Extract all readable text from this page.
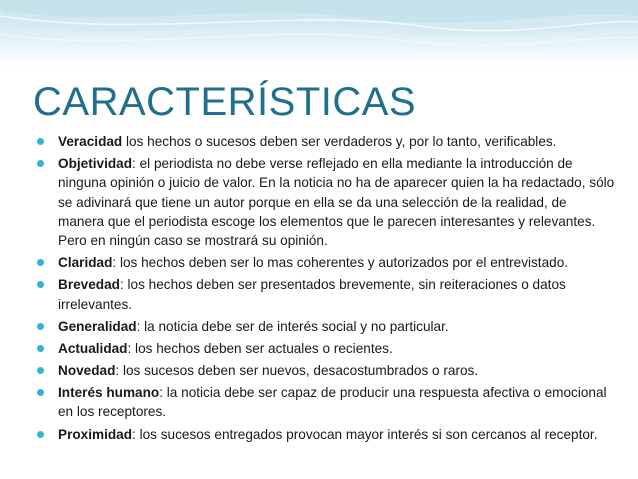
CARACTERÍSTICAS
Veracidad los hechos o sucesos deben ser verdaderos y, por lo tanto, verificables.
Objetividad: el periodista no debe verse reflejado en ella mediante la introducción de ninguna opinión o juicio de valor. En la noticia no ha de aparecer quien la ha redactado, sólo se adivinará que tiene un autor porque en ella se da una selección de la realidad, de manera que el periodista escoge los elementos que le parecen interesantes y relevantes. Pero en ningún caso se mostrará su opinión.
Claridad: los hechos deben ser lo mas coherentes y autorizados por el entrevistado.
Brevedad: los hechos deben ser presentados brevemente, sin reiteraciones o datos irrelevantes.
Generalidad: la noticia debe ser de interés social y no particular.
Actualidad: los hechos deben ser actuales o recientes.
Novedad: los sucesos deben ser nuevos, desacostumbrados o raros.
Interés humano: la noticia debe ser capaz de producir una respuesta afectiva o emocional en los receptores.
Proximidad: los sucesos entregados provocan mayor interés si son cercanos al receptor.
